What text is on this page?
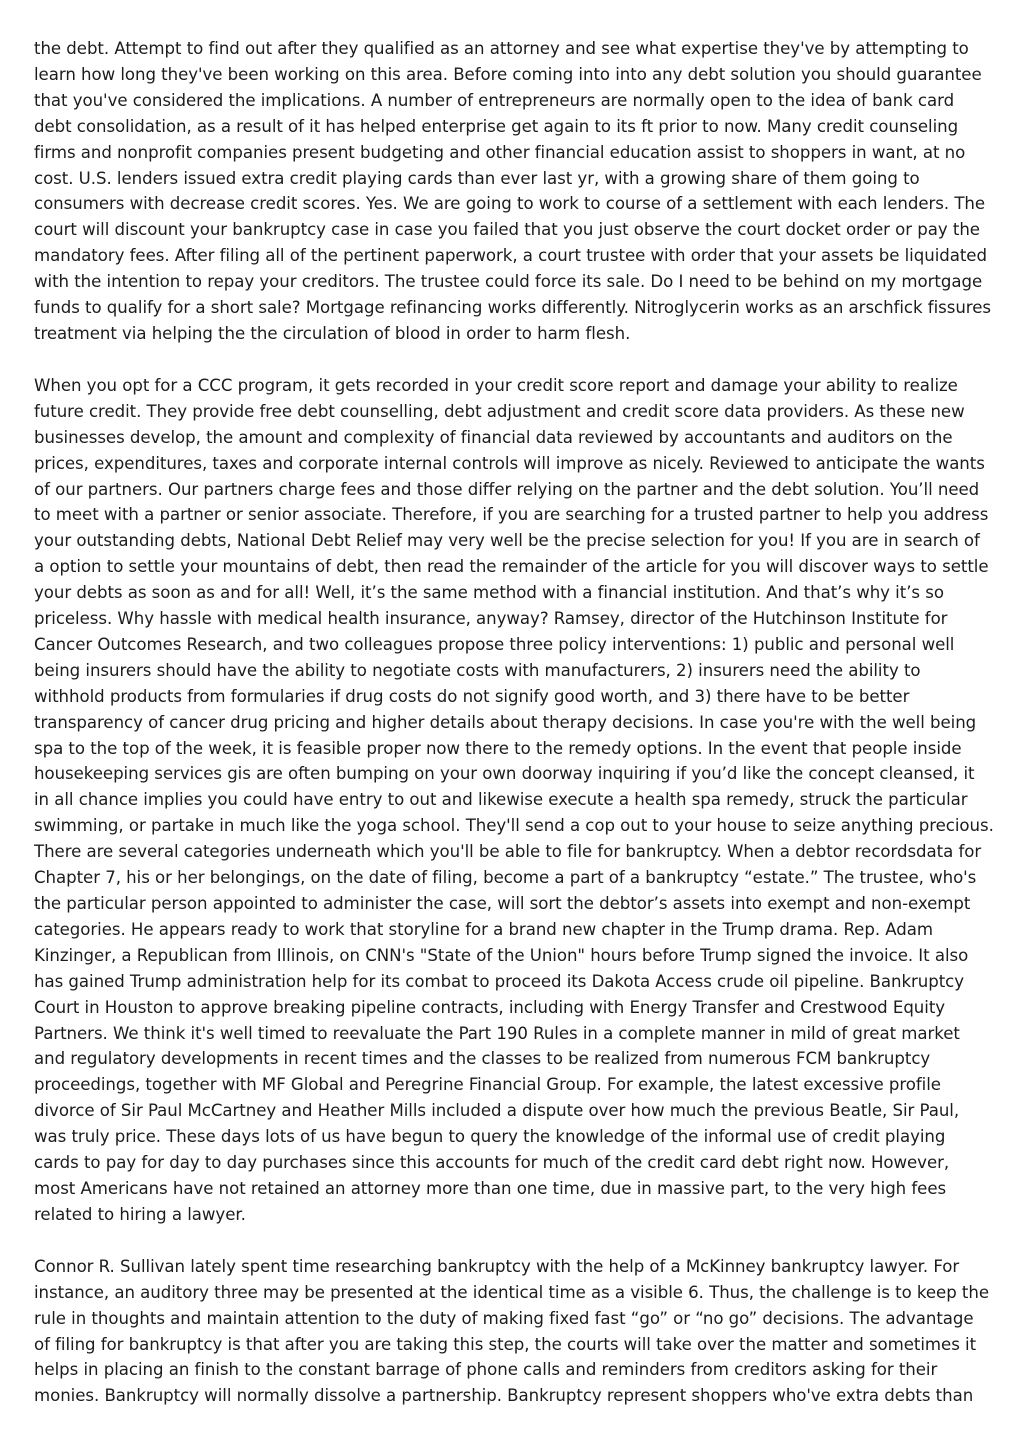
the debt. Attempt to find out after they qualified as an attorney and see what expertise they've by attempting to learn how long they've been working on this area. Before coming into into any debt solution you should guarantee that you've considered the implications. A number of entrepreneurs are normally open to the idea of bank card debt consolidation, as a result of it has helped enterprise get again to its ft prior to now. Many credit counseling firms and nonprofit companies present budgeting and other financial education assist to shoppers in want, at no cost. U.S. lenders issued extra credit playing cards than ever last yr, with a growing share of them going to consumers with decrease credit scores. Yes. We are going to work to course of a settlement with each lenders. The court will discount your bankruptcy case in case you failed that you just observe the court docket order or pay the mandatory fees. After filing all of the pertinent paperwork, a court trustee with order that your assets be liquidated with the intention to repay your creditors. The trustee could force its sale. Do I need to be behind on my mortgage funds to qualify for a short sale? Mortgage refinancing works differently. Nitroglycerin works as an arschfick fissures treatment via helping the the circulation of blood in order to harm flesh.

When you opt for a CCC program, it gets recorded in your credit score report and damage your ability to realize future credit. They provide free debt counselling, debt adjustment and credit score data providers. As these new businesses develop, the amount and complexity of financial data reviewed by accountants and auditors on the prices, expenditures, taxes and corporate internal controls will improve as nicely. Reviewed to anticipate the wants of our partners. Our partners charge fees and those differ relying on the partner and the debt solution. You’ll need to meet with a partner or senior associate. Therefore, if you are searching for a trusted partner to help you address your outstanding debts, National Debt Relief may very well be the precise selection for you! If you are in search of a option to settle your mountains of debt, then read the remainder of the article for you will discover ways to settle your debts as soon as and for all! Well, it’s the same method with a financial institution. And that’s why it’s so priceless. Why hassle with medical health insurance, anyway? Ramsey, director of the Hutchinson Institute for Cancer Outcomes Research, and two colleagues propose three policy interventions: 1) public and personal well being insurers should have the ability to negotiate costs with manufacturers, 2) insurers need the ability to withhold products from formularies if drug costs do not signify good worth, and 3) there have to be better transparency of cancer drug pricing and higher details about therapy decisions. In case you're with the well being spa to the top of the week, it is feasible proper now there to the remedy options. In the event that people inside housekeeping services gis are often bumping on your own doorway inquiring if you’d like the concept cleansed, it in all chance implies you could have entry to out and likewise execute a health spa remedy, struck the particular swimming, or partake in much like the yoga school. They'll send a cop out to your house to seize anything precious. There are several categories underneath which you'll be able to file for bankruptcy. When a debtor recordsdata for Chapter 7, his or her belongings, on the date of filing, become a part of a bankruptcy “estate.” The trustee, who's the particular person appointed to administer the case, will sort the debtor’s assets into exempt and non-exempt categories. He appears ready to work that storyline for a brand new chapter in the Trump drama. Rep. Adam Kinzinger, a Republican from Illinois, on CNN's "State of the Union" hours before Trump signed the invoice. It also has gained Trump administration help for its combat to proceed its Dakota Access crude oil pipeline. Bankruptcy Court in Houston to approve breaking pipeline contracts, including with Energy Transfer and Crestwood Equity Partners. We think it's well timed to reevaluate the Part 190 Rules in a complete manner in mild of great market and regulatory developments in recent times and the classes to be realized from numerous FCM bankruptcy proceedings, together with MF Global and Peregrine Financial Group. For example, the latest excessive profile divorce of Sir Paul McCartney and Heather Mills included a dispute over how much the previous Beatle, Sir Paul, was truly price. These days lots of us have begun to query the knowledge of the informal use of credit playing cards to pay for day to day purchases since this accounts for much of the credit card debt right now. However, most Americans have not retained an attorney more than one time, due in massive part, to the very high fees related to hiring a lawyer.

Connor R. Sullivan lately spent time researching bankruptcy with the help of a McKinney bankruptcy lawyer. For instance, an auditory three may be presented at the identical time as a visible 6. Thus, the challenge is to keep the rule in thoughts and maintain attention to the duty of making fixed fast “go” or “no go” decisions. The advantage of filing for bankruptcy is that after you are taking this step, the courts will take over the matter and sometimes it helps in placing an finish to the constant barrage of phone calls and reminders from creditors asking for their monies. Bankruptcy will normally dissolve a partnership. Bankruptcy represent shoppers who've extra debts than
